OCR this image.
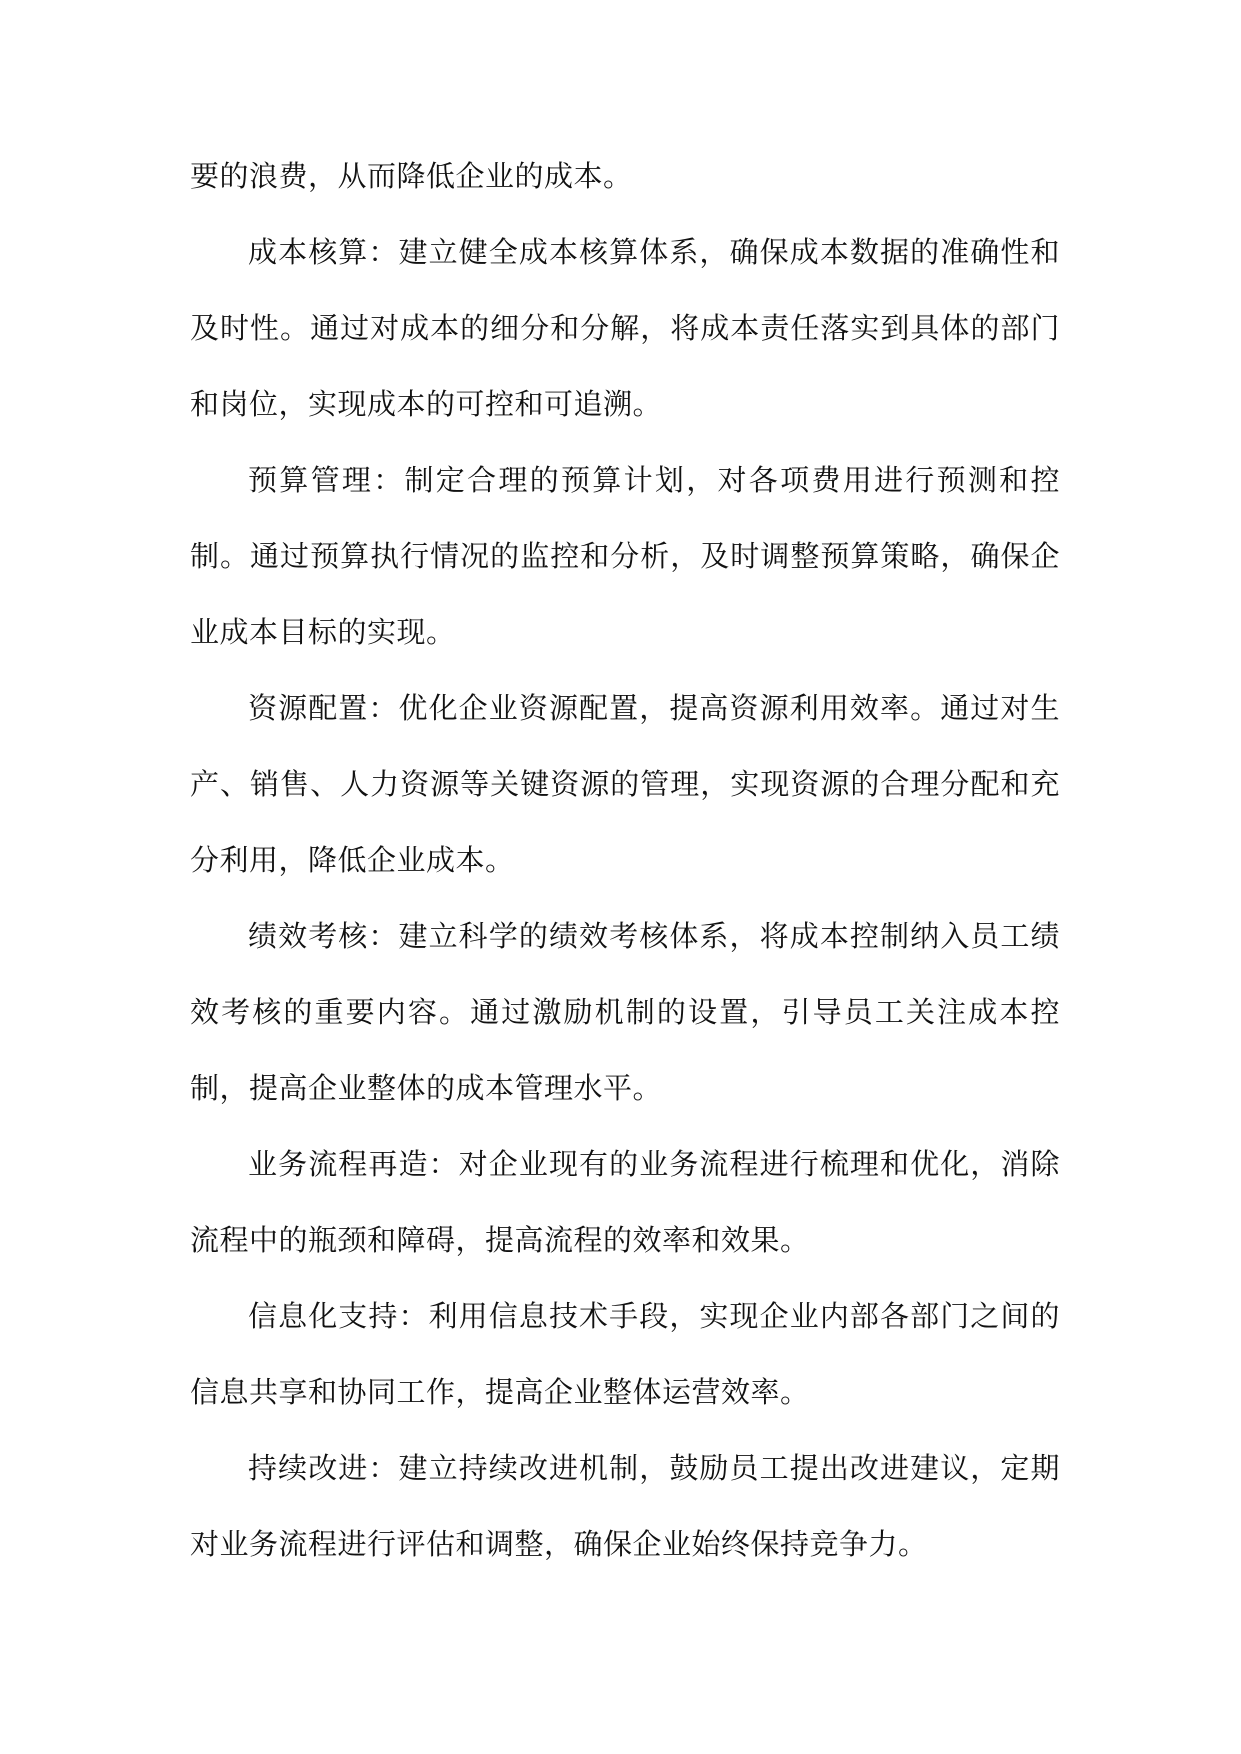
要的浪费，从而降低企业的成本。

成本核算：建立健全成本核算体系，确保成本数据的准确性和及时性。通过对成本的细分和分解，将成本责任落实到具体的部门和岗位，实现成本的可控和可追溯。

预算管理：制定合理的预算计划，对各项费用进行预测和控制。通过预算执行情况的监控和分析，及时调整预算策略，确保企业成本目标的实现。

资源配置：优化企业资源配置，提高资源利用效率。通过对生产、销售、人力资源等关键资源的管理，实现资源的合理分配和充分利用，降低企业成本。

绩效考核：建立科学的绩效考核体系，将成本控制纳入员工绩效考核的重要内容。通过激励机制的设置，引导员工关注成本控制，提高企业整体的成本管理水平。

业务流程再造：对企业现有的业务流程进行梳理和优化，消除流程中的瓶颈和障碍，提高流程的效率和效果。

信息化支持：利用信息技术手段，实现企业内部各部门之间的信息共享和协同工作，提高企业整体运营效率。

持续改进：建立持续改进机制，鼓励员工提出改进建议，定期对业务流程进行评估和调整，确保企业始终保持竞争力。
